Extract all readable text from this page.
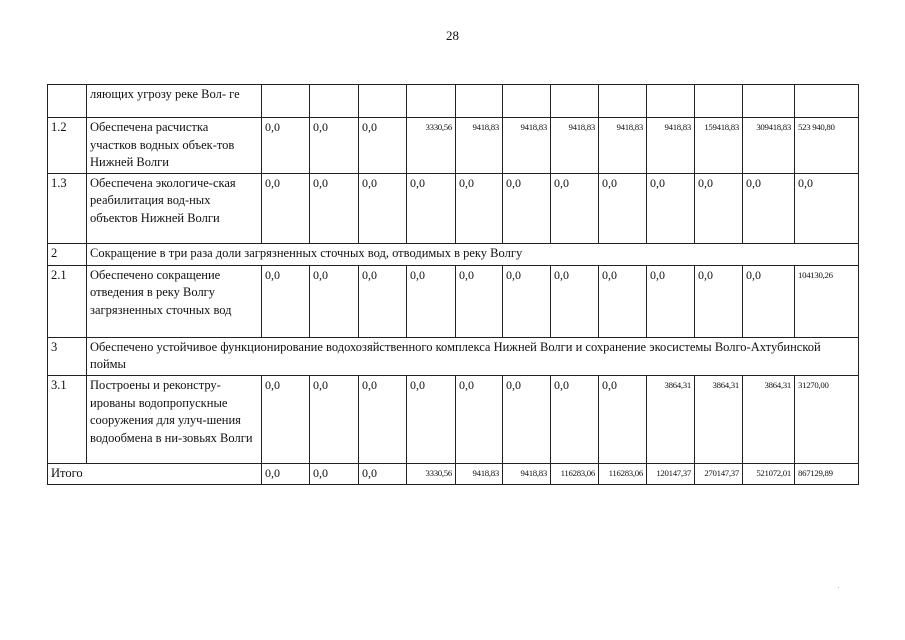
28
	ляющих угрозу реке Вол- ге												
1.2	Обеспечена расчистка участков водных объек-тов Нижней Волги	0,0	0,0	0,0	3330,56	9418,83	9418,83	9418,83	9418,83	9418,83	159418,83	309418,83	523 940,80
1.3	Обеспечена экологиче-ская реабилитация вод-ных объектов Нижней Волги	0,0	0,0	0,0	0,0	0,0	0,0	0,0	0,0	0,0	0,0	0,0	0,0
2	Сокращение в три раза доли загрязненных сточных вод, отводимых в реку Волгу												
2.1	Обеспечено сокращение отведения в реку Волгу загрязненных сточных вод	0,0	0,0	0,0	0,0	0,0	0,0	0,0	0,0	0,0	0,0	0,0	104130,26
3	Обеспечено устойчивое функционирование водохозяйственного комплекса Нижней Волги и сохранение экосистемы Волго-Ахтубинской поймы												
3.1	Построены и реконстру-ированы водопропускные сооружения для улуч-шения водообмена в ни-зовьях Волги	0,0	0,0	0,0	0,0	0,0	0,0	0,0	0,0	3864,31	3864,31	3864,31	31270,00
Итого		0,0	0,0	0,0	3330,56	9418,83	9418,83	116283,06	116283,06	120147,37	270147,37	521072,01	867129,89
